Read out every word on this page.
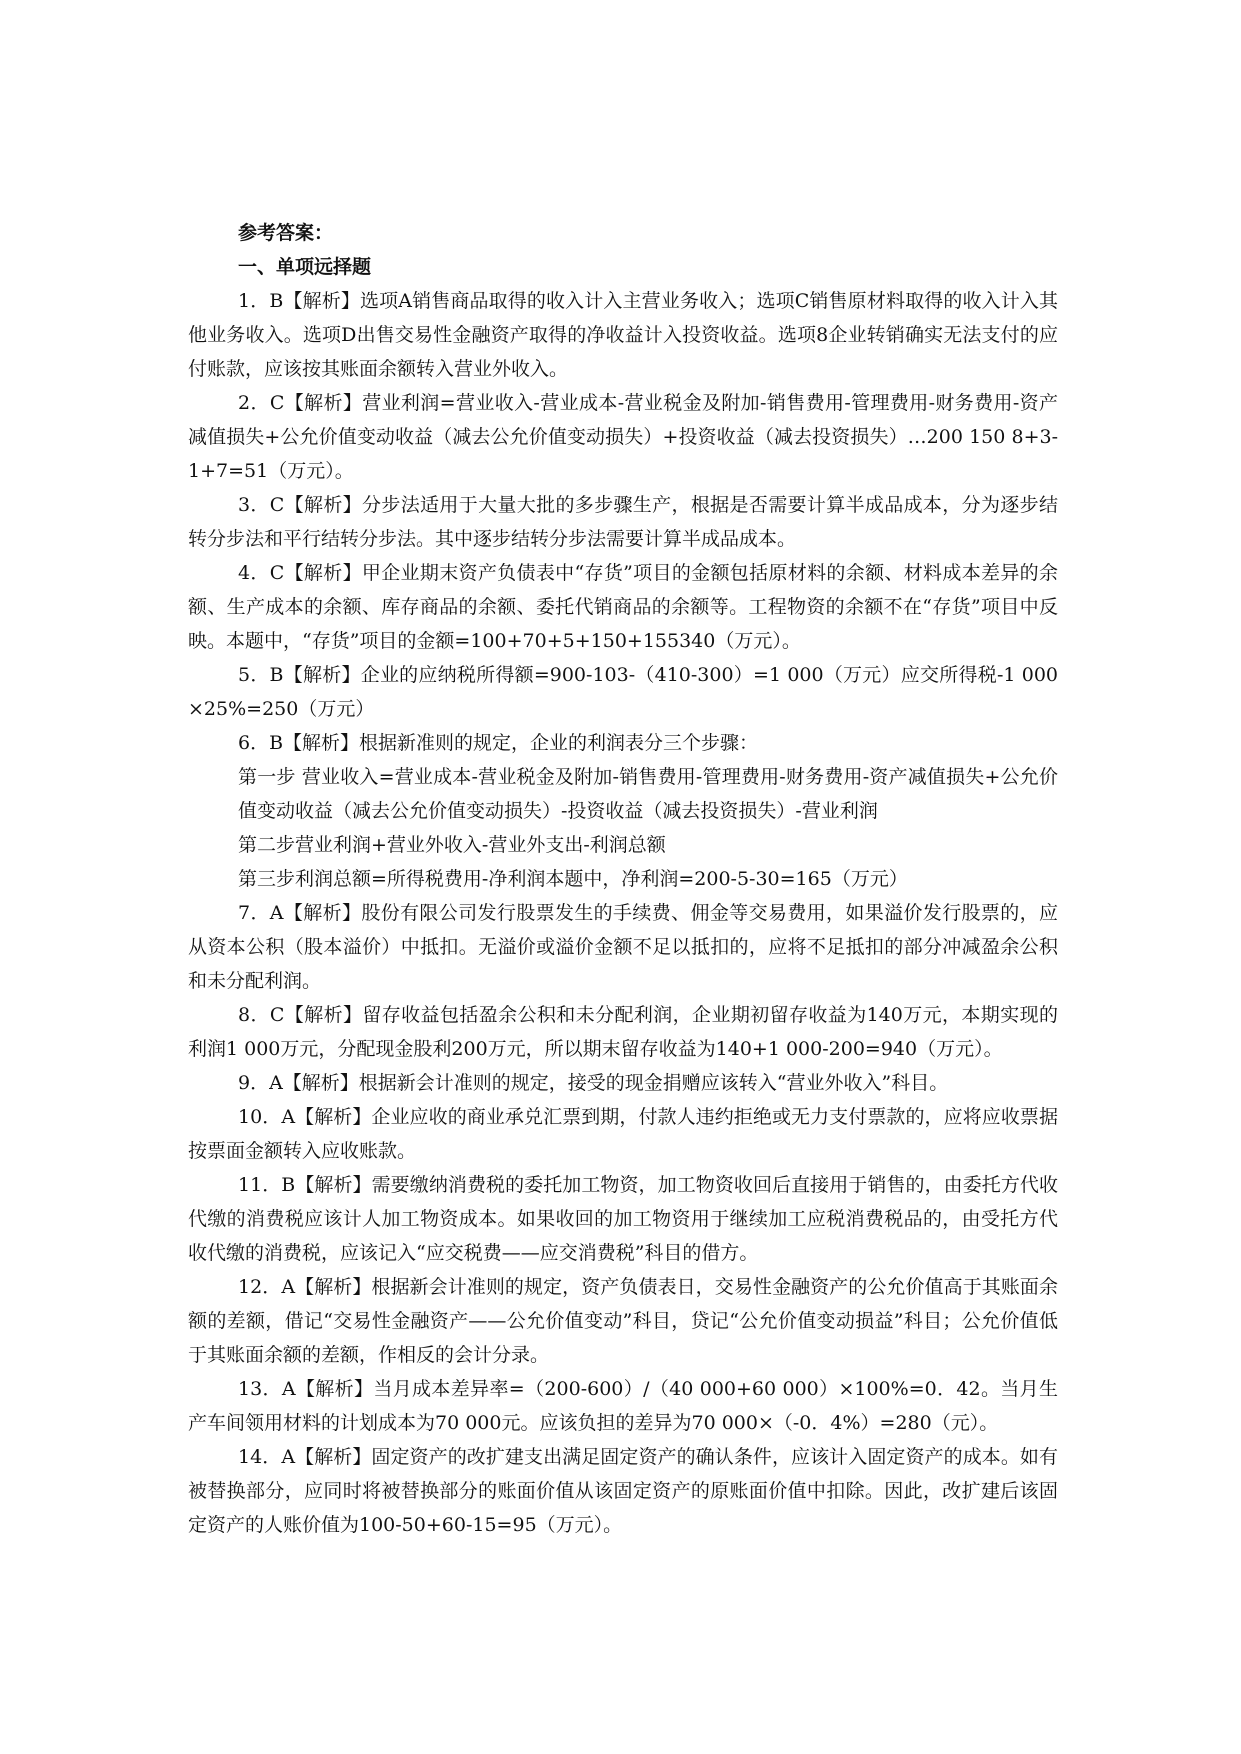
参考答案：

一、单项远择题

1．B【解析】选项A销售商品取得的收入计入主营业务收入；选项C销售原材料取得的收入计入其他业务收入。选项D出售交易性金融资产取得的净收益计入投资收益。选项8企业转销确实无法支付的应付账款，应该按其账面余额转入营业外收入。

2．C【解析】营业利润=营业收入-营业成本-营业税金及附加-销售费用-管理费用-财务费用-资产减值损失+公允价值变动收益（减去公允价值变动损失）+投资收益（减去投资损失）…200 150 8+3-1+7=51（万元）。

3．C【解析】分步法适用于大量大批的多步骤生产，根据是否需要计算半成品成本，分为逐步结转分步法和平行结转分步法。其中逐步结转分步法需要计算半成品成本。

4．C【解析】甲企业期末资产负债表中“存货”项目的金额包括原材料的余额、材料成本差异的余额、生产成本的余额、库存商品的余额、委托代销商品的余额等。工程物资的余额不在“存货”项目中反映。本题中，“存货”项目的金额=100+70+5+150+155340（万元）。

5．B【解析】企业的应纳税所得额=900-103-（410-300）=1 000（万元）应交所得税-1 000×25%=250（万元）

6．B【解析】根据新准则的规定，企业的利润表分三个步骤：

第一步 营业收入=营业成本-营业税金及附加-销售费用-管理费用-财务费用-资产减值损失+公允价值变动收益（减去公允价值变动损失）-投资收益（减去投资损失）-营业利润

第二步营业利润+营业外收入-营业外支出-利润总额

第三步利润总额=所得税费用-净利润本题中，净利润=200-5-30=165（万元）

7．A【解析】股份有限公司发行股票发生的手续费、佣金等交易费用，如果溢价发行股票的，应从资本公积（股本溢价）中抵扣。无溢价或溢价金额不足以抵扣的，应将不足抵扣的部分冲减盈余公积和未分配利润。

8．C【解析】留存收益包括盈余公积和未分配利润，企业期初留存收益为140万元，本期实现的利润1 000万元，分配现金股利200万元，所以期末留存收益为140+1 000-200=940（万元）。

9．A【解析】根据新会计准则的规定，接受的现金捐赠应该转入“营业外收入”科目。

10．A【解析】企业应收的商业承兑汇票到期，付款人违约拒绝或无力支付票款的，应将应收票据按票面金额转入应收账款。

11．B【解析】需要缴纳消费税的委托加工物资，加工物资收回后直接用于销售的，由委托方代收代缴的消费税应该计人加工物资成本。如果收回的加工物资用于继续加工应税消费税品的，由受托方代收代缴的消费税，应该记入“应交税费——应交消费税”科目的借方。

12．A【解析】根据新会计准则的规定，资产负债表日，交易性金融资产的公允价值高于其账面余额的差额，借记“交易性金融资产——公允价值变动”科目，贷记“公允价值变动损益”科目；公允价值低于其账面余额的差额，作相反的会计分录。

13．A【解析】当月成本差异率=（200-600）/（40 000+60 000）×100%=0．42。当月生产车间领用材料的计划成本为70 000元。应该负担的差异为70 000×（-0．4%）=280（元）。

14．A【解析】固定资产的改扩建支出满足固定资产的确认条件，应该计入固定资产的成本。如有被替换部分，应同时将被替换部分的账面价值从该固定资产的原账面价值中扣除。因此，改扩建后该固定资产的人账价值为100-50+60-15=95（万元）。
